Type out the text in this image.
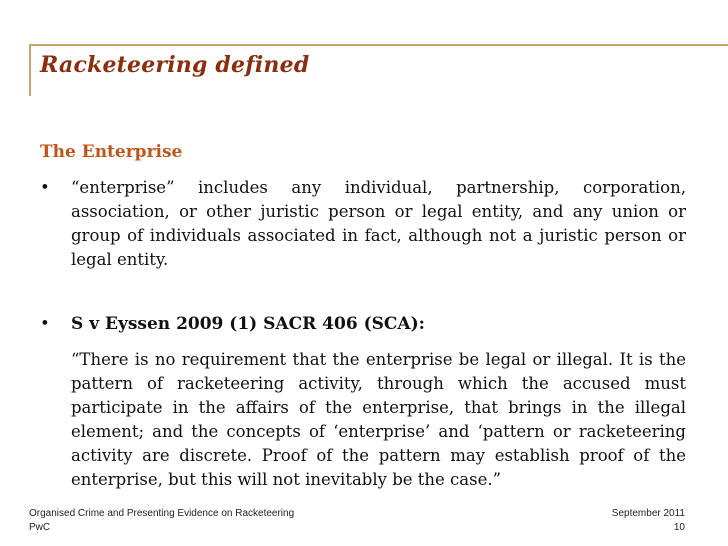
Racketeering defined
The Enterprise
•	“enterprise” includes any individual, partnership, corporation, association, or other juristic person or legal entity, and any union or group of individuals associated in fact, although not a juristic person or legal entity.
•	S v Eyssen 2009 (1) SACR 406 (SCA):
“There is no requirement that the enterprise be legal or illegal. It is the pattern of racketeering activity, through which the accused must participate in the affairs of the enterprise, that brings in the illegal element; and the concepts of ‘enterprise’ and ‘pattern or racketeering activity are discrete. Proof of the pattern may establish proof of the enterprise, but this will not inevitably be the case.”
Organised Crime and Presenting Evidence on Racketeering
PwC
September 2011
10
